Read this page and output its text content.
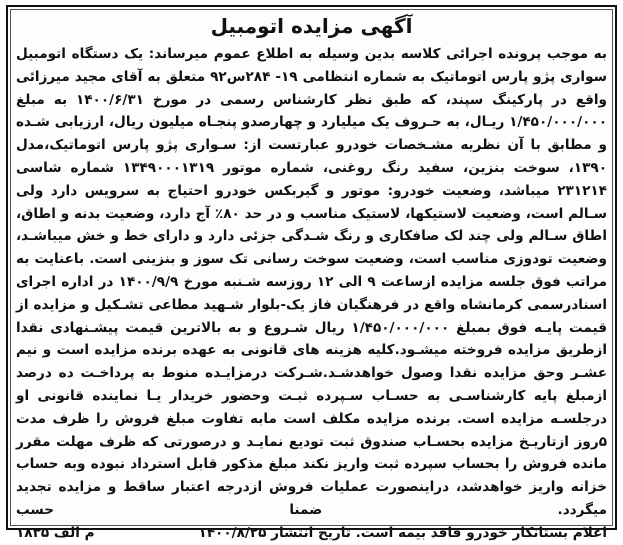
آگهی مزایده اتومبیل

به موجب پرونده اجرائی کلاسه بدین وسیله به اطلاع عموم میرساند: یک دستگاه اتومبیل سواری پژو پارس اتوماتیک به شماره انتظامی ۱۹- ۲۸۴س۹۲ متعلق به آقای مجید میرزائی واقع در پارکینگ سپند، که طبق نظر کارشناس رسمی در مورخ ۱۴۰۰/۶/۳۱ به مبلغ ۱/۴۵۰/۰۰۰/۰۰۰ ریـال، به حـروف یک میلیارد و چهارصدو پنجـاه میلیون ریال، ارزیابی شـده و مطابق با آن نظریه مشـخصات خودرو عبارتست از: سـواری پژو پارس اتوماتیک،مدل ۱۳۹۰، سوخت بنزین، سفید رنگ روغنی، شماره موتور ۱۳۴۹۰۰۰۱۳۱۹ شماره شاسی ۲۳۱۲۱۴ میباشد، وضعیت خودرو: موتور و گیربکس خودرو احتیاج به سرویس دارد ولی سـالم است، وضعیت لاستیکها، لاستیک مناسب و در حد ۸۰٪ آج دارد، وضعیت بدنه و اطاق، اطاق سـالم ولی چند لک صافکاری و رنگ شـدگی جزئی دارد و دارای خط و خش میباشـد، وضعیت تودوزی مناسب است، وضعیت سوخت رسانی تک سوز و بنزینی است. باعنایت به مراتب فوق جلسه مزایده ازساعت ۹ الی ۱۲ روزسه شـنبه مورخ ۱۴۰۰/۹/۹ در اداره اجرای اسنادرسمی کرمانشاه واقع در فرهنگیان فاز یک-بلوار شـهید مطاعی تشـکیل و مزایده از قیمت پایـه فوق بمبلغ ۱/۴۵۰/۰۰۰/۰۰۰ ریال شـروع و به بالاترین قیمت پیشـنهادی نقدا ازطریق مزایده فروخته میشـود.کلیه هزینه های قانونی به عهده برنده مزایده است و نیم عشـر وحق مزایده نقدا وصول خواهدشـد.شـرکت درمزایـده منوط به پرداخـت ده درصد ازمبلغ پایه کارشناسـی به حسـاب سـپرده ثبـت وحضور خریدار یـا نماینده قانونی او درجلسـه مزایده است. برنده مزایده مکلف است مابه تفاوت مبلغ فروش را ظرف مدت ۵روز ازتاریـخ مزایده بحسـاب صندوق ثبت تودیع نمایـد و درصورتی که ظرف مهلت مقرر مانده فروش را بحساب سپرده ثبت واریز نکند مبلغ مذکور قابل استرداد نبوده وبه حساب خزانه واریز خواهدشد، دراینصورت عملیات فروش ازدرجه اعتبار ساقط و مزایده تجدید میگردد. ضمنا حسب

اعلام بستانکار خودرو فاقد بیمه است. تاریخ انتشار ۱۴۰۰/۸/۲۵
م الف ۱۸۳۵
